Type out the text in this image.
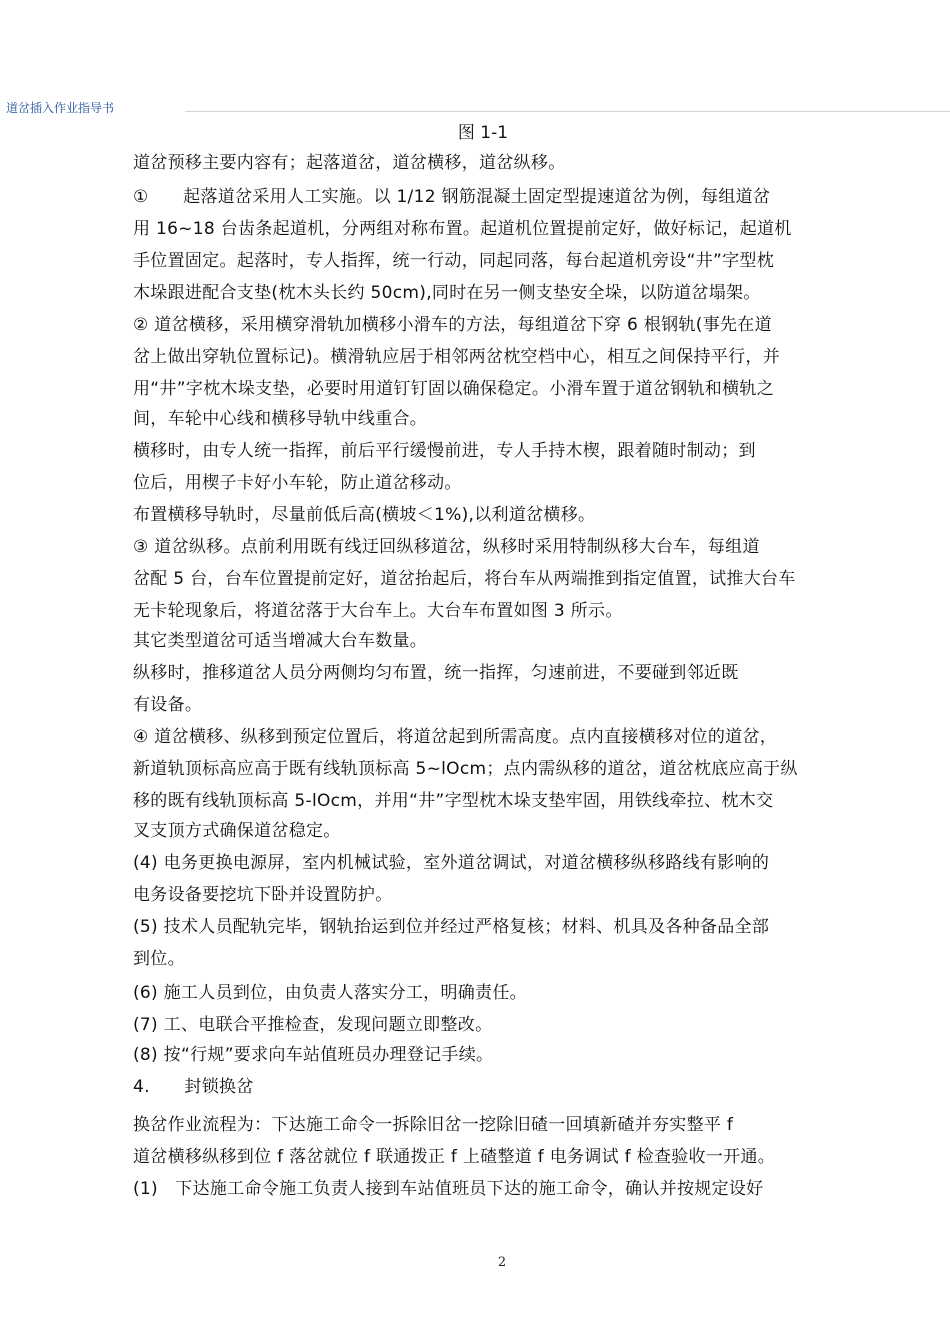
道岔插入作业指导书
图 1-1
道岔预移主要内容有；起落道岔，道岔横移，道岔纵移。
①　　起落道岔采用人工实施。以 1/12 钢筋混凝土固定型提速道岔为例，每组道岔
用 16~18 台齿条起道机，分两组对称布置。起道机位置提前定好，做好标记，起道机
手位置固定。起落时，专人指挥，统一行动，同起同落，每台起道机旁设“井”字型枕
木垛跟进配合支垫(枕木头长约 50cm),同时在另一侧支垫安全垛，以防道岔塌架。
② 道岔横移，采用横穿滑轨加横移小滑车的方法，每组道岔下穿 6 根钢轨(事先在道
岔上做出穿轨位置标记)。横滑轨应居于相邻两岔枕空档中心，相互之间保持平行，并
用“井”字枕木垛支垫，必要时用道钉钉固以确保稳定。小滑车置于道岔钢轨和横轨之
间，车轮中心线和横移导轨中线重合。
横移时，由专人统一指挥，前后平行缓慢前进，专人手持木楔，跟着随时制动；到
位后，用楔子卡好小车轮，防止道岔移动。
布置横移导轨时，尽量前低后高(横坡＜1%),以利道岔横移。
③ 道岔纵移。点前利用既有线迂回纵移道岔，纵移时采用特制纵移大台车，每组道
岔配 5 台，台车位置提前定好，道岔抬起后，将台车从两端推到指定值置，试推大台车
无卡轮现象后，将道岔落于大台车上。大台车布置如图 3 所示。
其它类型道岔可适当增减大台车数量。
纵移时，推移道岔人员分两侧均匀布置，统一指挥，匀速前进，不要碰到邻近既
有设备。
④ 道岔横移、纵移到预定位置后，将道岔起到所需高度。点内直接横移对位的道岔，
新道轨顶标高应高于既有线轨顶标高 5~lOcm；点内需纵移的道岔，道岔枕底应高于纵
移的既有线轨顶标高 5-lOcm，并用“井”字型枕木垛支垫牢固，用铁线牵拉、枕木交
叉支顶方式确保道岔稳定。
(4) 电务更换电源屏，室内机械试验，室外道岔调试，对道岔横移纵移路线有影响的
电务设备要挖坑下卧并设置防护。
(5) 技术人员配轨完毕，钢轨抬运到位并经过严格复核；材料、机具及各种备品全部
到位。
(6) 施工人员到位，由负责人落实分工，明确责任。
(7) 工、电联合平推检查，发现问题立即整改。
(8) 按“行规”要求向车站值班员办理登记手续。
4.　　封锁换岔
换岔作业流程为：下达施工命令一拆除旧岔一挖除旧碴一回填新碴并夯实整平 f
道岔横移纵移到位 f 落岔就位 f 联通拨正 f 上碴整道 f 电务调试 f 检查验收一开通。
(1)　下达施工命令施工负责人接到车站值班员下达的施工命令，确认并按规定设好
2
